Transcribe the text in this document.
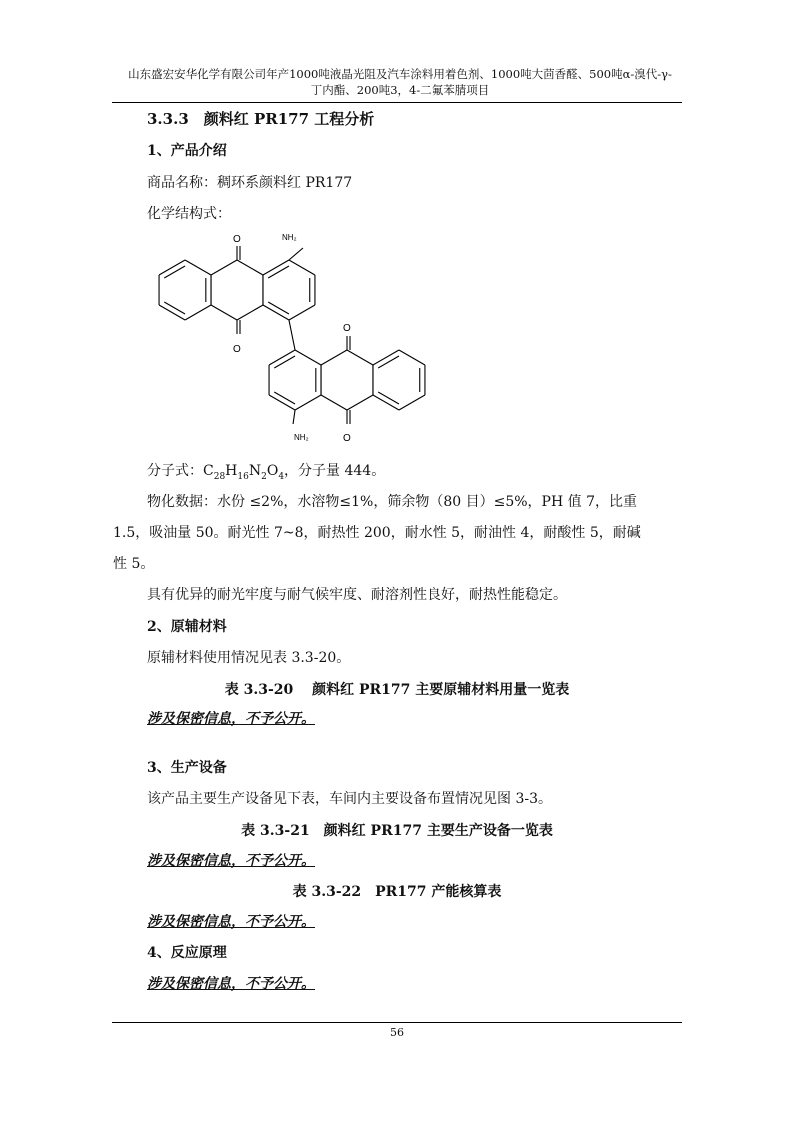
山东盛宏安华化学有限公司年产1000吨液晶光阻及汽车涂料用着色剂、1000吨大茴香醛、500吨α-溴代-γ-
丁内酯、200吨3，4-二氟苯腈项目
3.3.3　颜料红 PR177 工程分析
1、产品介绍
商品名称：稠环系颜料红 PR177
化学结构式：
O
O
O
O
NH₂
NH₂
分子式：$C_{28}H_{16}N_2O_4$，分子量 444。
物化数据：水份 ≤2%，水溶物≤1%，筛余物（80 目）≤5%，PH 值 7，比重
1.5，吸油量 50。耐光性 7~8，耐热性 200，耐水性 5，耐油性 4，耐酸性 5，耐碱
性 5。
具有优异的耐光牢度与耐气候牢度、耐溶剂性良好，耐热性能稳定。
2、原辅材料
原辅材料使用情况见表 3.3-20。
表 3.3-20　 颜料红 PR177 主要原辅材料用量一览表
涉及保密信息，不予公开。
3、生产设备
该产品主要生产设备见下表，车间内主要设备布置情况见图 3-3。
表 3.3-21　颜料红 PR177 主要生产设备一览表
涉及保密信息，不予公开。
表 3.3-22　PR177 产能核算表
涉及保密信息，不予公开。
4、反应原理
涉及保密信息，不予公开。
56
